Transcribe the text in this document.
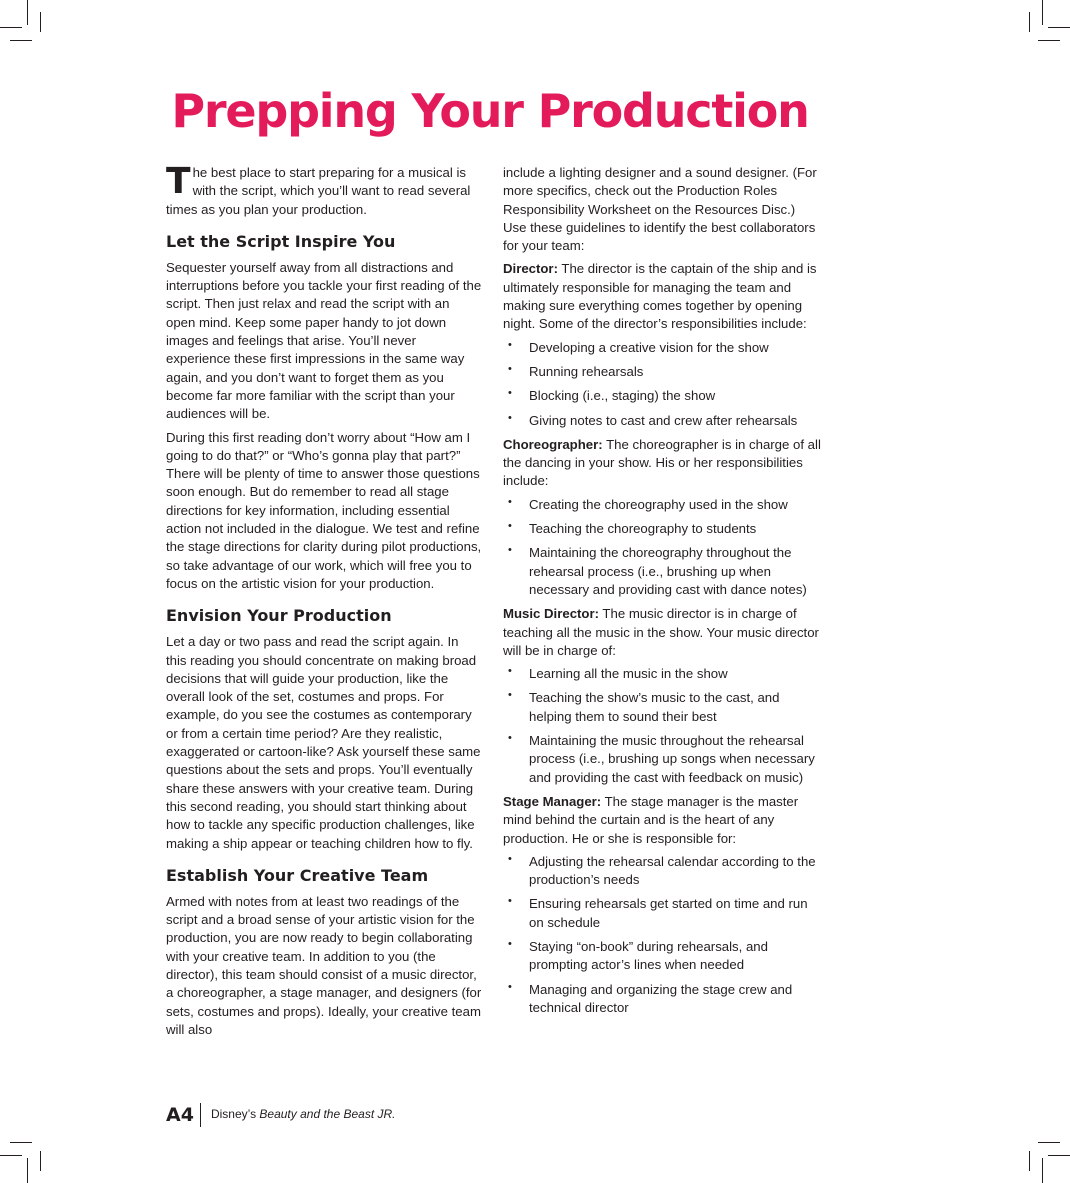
Prepping Your Production

The best place to start preparing for a musical is with the script, which you’ll want to read several times as you plan your production.

Let the Script Inspire You

Sequester yourself away from all distractions and interruptions before you tackle your first reading of the script. Then just relax and read the script with an open mind. Keep some paper handy to jot down images and feelings that arise. You’ll never experience these first impressions in the same way again, and you don’t want to forget them as you become far more familiar with the script than your audiences will be.

During this first reading don’t worry about “How am I going to do that?” or “Who’s gonna play that part?” There will be plenty of time to answer those questions soon enough. But do remember to read all stage directions for key information, including essential action not included in the dialogue. We test and refine the stage directions for clarity during pilot productions, so take advantage of our work, which will free you to focus on the artistic vision for your production.

Envision Your Production

Let a day or two pass and read the script again. In this reading you should concentrate on making broad decisions that will guide your production, like the overall look of the set, costumes and props. For example, do you see the costumes as contemporary or from a certain time period? Are they realistic, exaggerated or cartoon-like? Ask yourself these same questions about the sets and props. You’ll eventually share these answers with your creative team. During this second reading, you should start thinking about how to tackle any specific production challenges, like making a ship appear or teaching children how to fly.

Establish Your Creative Team

Armed with notes from at least two readings of the script and a broad sense of your artistic vision for the production, you are now ready to begin collaborating with your creative team. In addition to you (the director), this team should consist of a music director, a choreographer, a stage manager, and designers (for sets, costumes and props). Ideally, your creative team will also

include a lighting designer and a sound designer. (For more specifics, check out the Production Roles Responsibility Worksheet on the Resources Disc.) Use these guidelines to identify the best collaborators for your team:

Director: The director is the captain of the ship and is ultimately responsible for managing the team and making sure everything comes together by opening night. Some of the director’s responsibilities include:

• Developing a creative vision for the show
• Running rehearsals
• Blocking (i.e., staging) the show
• Giving notes to cast and crew after rehearsals

Choreographer: The choreographer is in charge of all the dancing in your show. His or her responsibilities include:

• Creating the choreography used in the show
• Teaching the choreography to students
• Maintaining the choreography throughout the rehearsal process (i.e., brushing up when necessary and providing cast with dance notes)

Music Director: The music director is in charge of teaching all the music in the show. Your music director will be in charge of:

• Learning all the music in the show
• Teaching the show’s music to the cast, and helping them to sound their best
• Maintaining the music throughout the rehearsal process (i.e., brushing up songs when necessary and providing the cast with feedback on music)

Stage Manager: The stage manager is the master mind behind the curtain and is the heart of any production. He or she is responsible for:

• Adjusting the rehearsal calendar according to the production’s needs
• Ensuring rehearsals get started on time and run on schedule
• Staying “on-book” during rehearsals, and prompting actor’s lines when needed
• Managing and organizing the stage crew and technical director
A4 Disney’s Beauty and the Beast JR.
